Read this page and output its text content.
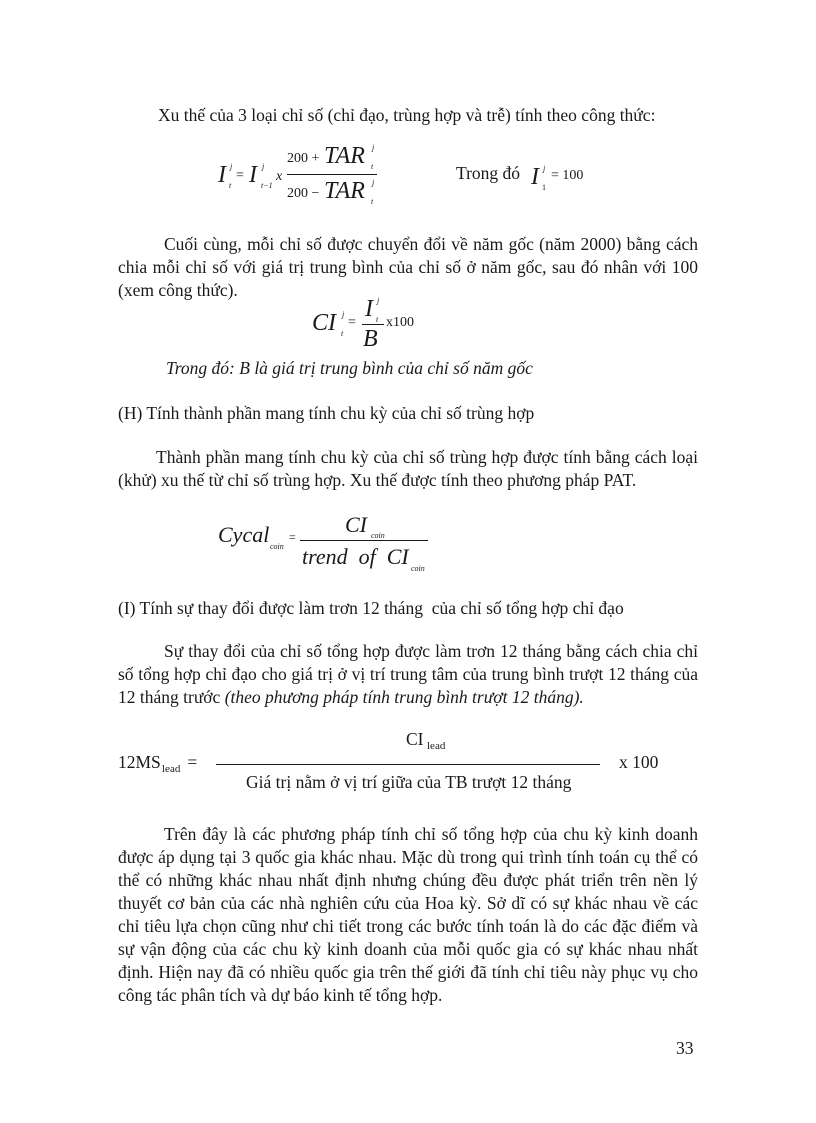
Xu thế của 3 loại chỉ số (chỉ đạo, trùng hợp và trễ) tính theo công thức:

I j
t
= I j
t−1
x
200 + TAR j
t
200 − TAR j
t
Trong đó I j
1
= 100

Cuối cùng, mỗi chỉ số được chuyển đổi về năm gốc (năm 2000) bằng cách chia mỗi chỉ số với giá trị trung bình của chỉ số ở năm gốc, sau đó nhân với 100 (xem công thức).

CI j
t
=
I j
t
B
x100

Trong đó: B là giá trị trung bình của chỉ số năm gốc

(H) Tính thành phần mang tính chu kỳ của chỉ số trùng hợp

Thành phần mang tính chu kỳ của chỉ số trùng hợp được tính bằng cách loại (khử) xu thế từ chỉ số trùng hợp. Xu thế được tính theo phương pháp PAT.

Cycal coin
= CI coin
trend  of  CI coin

(I) Tính sự thay đổi được làm trơn 12 tháng  của chỉ số tổng hợp chỉ đạo

Sự thay đổi của chỉ số tổng hợp được làm trơn 12 tháng bằng cách chia chỉ số tổng hợp chỉ đạo cho giá trị ở vị trí trung tâm của trung bình trượt 12 tháng của 12 tháng trước (theo phương pháp tính trung bình trượt 12 tháng).

12MS lead =
CI lead
Giá trị nằm ở vị trí giữa của TB trượt 12 tháng
x 100

Trên đây là các phương pháp tính chỉ số tổng hợp của chu kỳ kinh doanh được áp dụng tại 3 quốc gia khác nhau. Mặc dù trong qui trình tính toán cụ thể có thể có những khác nhau nhất định nhưng chúng đều được phát triển trên nền lý thuyết cơ bản của các nhà nghiên cứu của Hoa kỳ. Sở dĩ có sự khác nhau về các chỉ tiêu lựa chọn cũng như chi tiết trong các bước tính toán là do các đặc điểm và sự vận động của các chu kỳ kinh doanh của mỗi quốc gia có sự khác nhau nhất định. Hiện nay đã có nhiều quốc gia trên thế giới đã tính chỉ tiêu này phục vụ cho công tác phân tích và dự báo kinh tế tổng hợp.

33
